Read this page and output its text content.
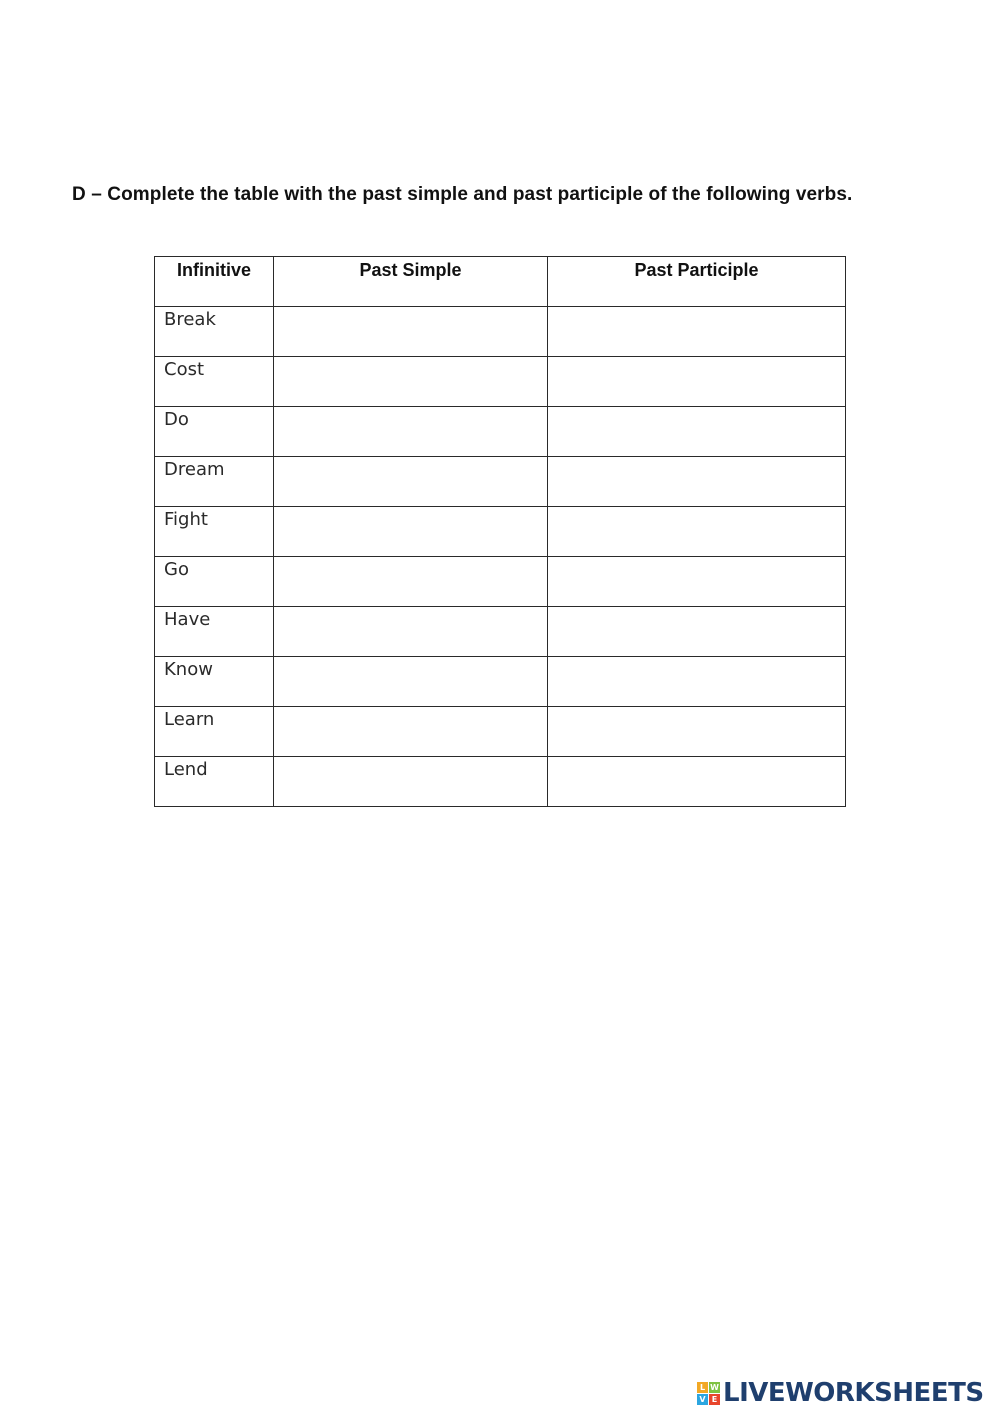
D – Complete the table with the past simple and past participle of the following verbs.
Infinitive	Past Simple	Past Participle
Break		
Cost		
Do		
Dream		
Fight		
Go		
Have		
Know		
Learn		
Lend		
L W
V E LIVEWORKSHEETS
